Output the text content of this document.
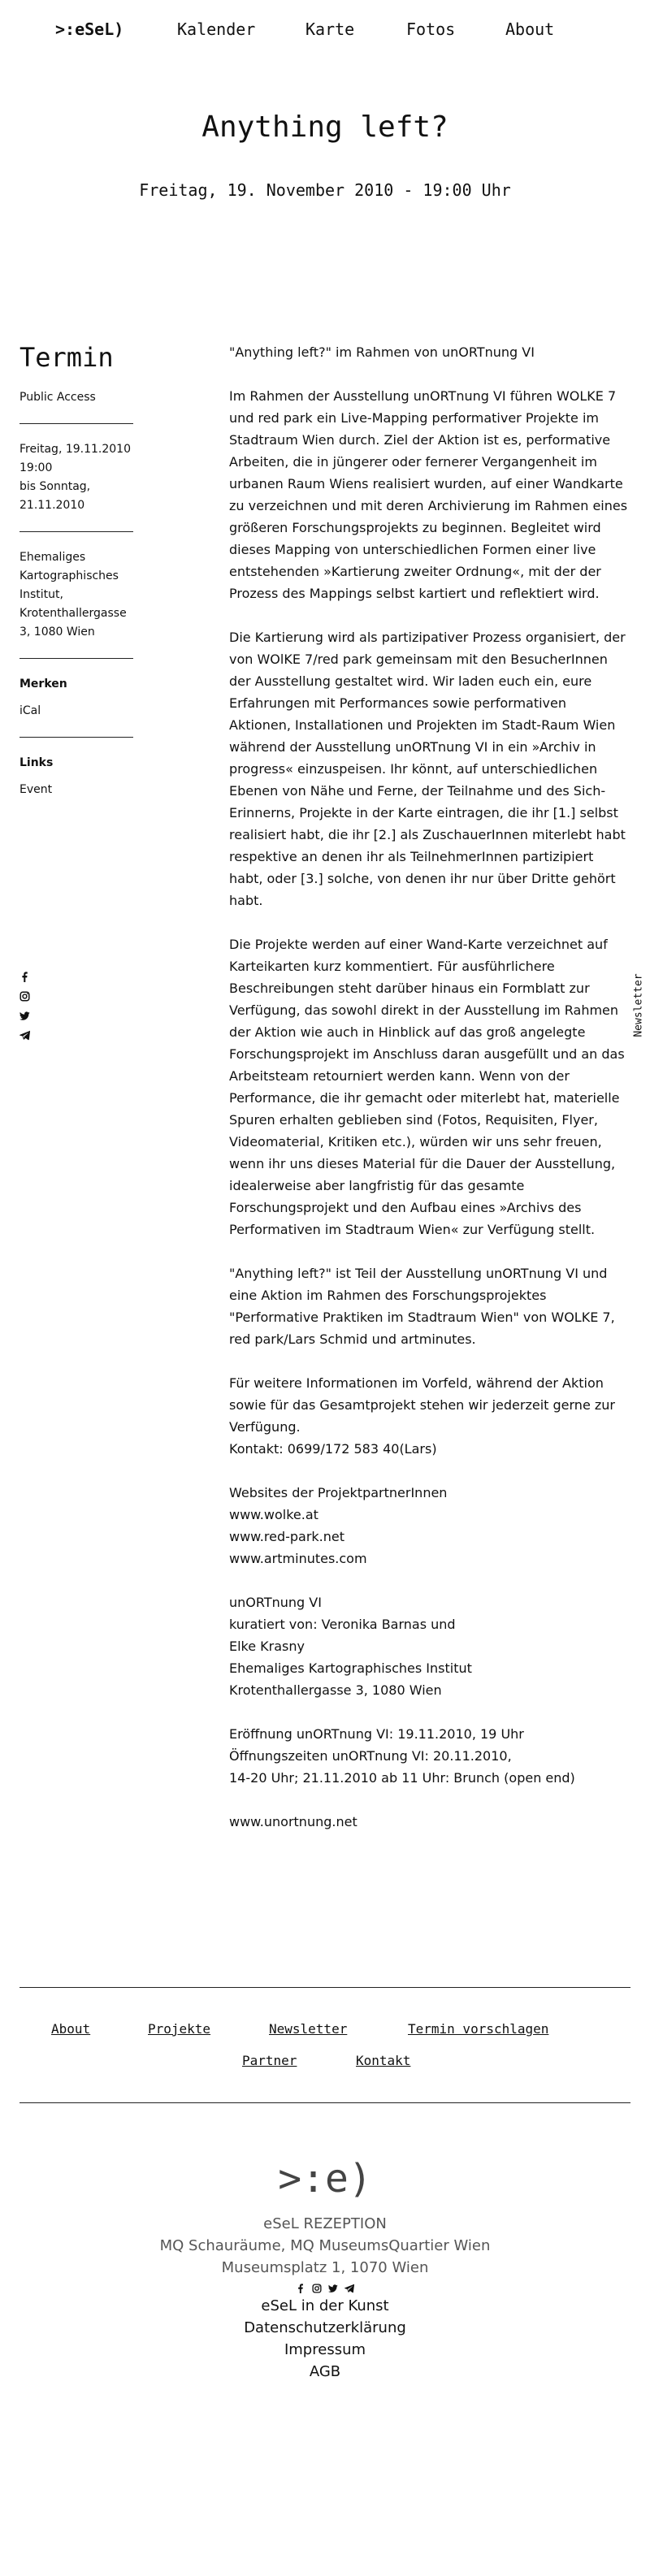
>:eSeL)	Kalender	Karte	Fotos	About
Anything left?
Freitag, 19. November 2010 - 19:00 Uhr
Termin
Public Access
Freitag, 19.11.2010
19:00
bis Sonntag,
21.11.2010
Ehemaliges
Kartographisches
Institut,
Krotenthallergasse
3, 1080 Wien
Merken
iCal
Links
Event
Newsletter

"Anything left?" im Rahmen von unORTnung VI

Im Rahmen der Ausstellung unORTnung VI führen WOLKE 7 und red park ein Live-Mapping performativer Projekte im Stadtraum Wien durch. Ziel der Aktion ist es, performative Arbeiten, die in jüngerer oder fernerer Vergangenheit im urbanen Raum Wiens realisiert wurden, auf einer Wandkarte zu verzeichnen und mit deren Archivierung im Rahmen eines größeren Forschungsprojekts zu beginnen. Begleitet wird dieses Mapping von unterschiedlichen Formen einer live entstehenden »Kartierung zweiter Ordnung«, mit der der Prozess des Mappings selbst kartiert und reflektiert wird.

Die Kartierung wird als partizipativer Prozess organisiert, der von WOlKE 7/red park gemeinsam mit den BesucherInnen der Ausstellung gestaltet wird. Wir laden euch ein, eure Erfahrungen mit Performances sowie performativen Aktionen, Installationen und Projekten im Stadt-Raum Wien während der Ausstellung unORTnung VI in ein »Archiv in progress« einzuspeisen. Ihr könnt, auf unterschiedlichen Ebenen von Nähe und Ferne, der Teilnahme und des Sich-Erinnerns, Projekte in der Karte eintragen, die ihr [1.] selbst realisiert habt, die ihr [2.] als ZuschauerInnen miterlebt habt respektive an denen ihr als TeilnehmerInnen partizipiert habt, oder [3.] solche, von denen ihr nur über Dritte gehört habt.

Die Projekte werden auf einer Wand-Karte verzeichnet auf Karteikarten kurz kommentiert. Für ausführlichere Beschreibungen steht darüber hinaus ein Formblatt zur Verfügung, das sowohl direkt in der Ausstellung im Rahmen der Aktion wie auch in Hinblick auf das groß angelegte Forschungsprojekt im Anschluss daran ausgefüllt und an das Arbeitsteam retourniert werden kann. Wenn von der Performance, die ihr gemacht oder miterlebt hat, materielle Spuren erhalten geblieben sind (Fotos, Requisiten, Flyer, Videomaterial, Kritiken etc.), würden wir uns sehr freuen, wenn ihr uns dieses Material für die Dauer der Ausstellung, idealerweise aber langfristig für das gesamte Forschungsprojekt und den Aufbau eines »Archivs des Performativen im Stadtraum Wien« zur Verfügung stellt.

"Anything left?" ist Teil der Ausstellung unORTnung VI und eine Aktion im Rahmen des Forschungsprojektes "Performative Praktiken im Stadtraum Wien" von WOLKE 7, red park/Lars Schmid und artminutes.

Für weitere Informationen im Vorfeld, während der Aktion sowie für das Gesamtprojekt stehen wir jederzeit gerne zur Verfügung.
Kontakt: 0699/172 583 40(Lars)

Websites der ProjektpartnerInnen
www.wolke.at
www.red-park.net
www.artminutes.com

unORTnung VI
kuratiert von: Veronika Barnas und
Elke Krasny
Ehemaliges Kartographisches Institut
Krotenthallergasse 3, 1080 Wien

Eröffnung unORTnung VI: 19.11.2010, 19 Uhr
Öffnungszeiten unORTnung VI: 20.11.2010,
14-20 Uhr; 21.11.2010 ab 11 Uhr: Brunch (open end)

www.unortnung.net

About	Projekte	Newsletter	Termin vorschlagen
Partner	Kontakt
>:e)
eSeL REZEPTION
MQ Schauräume, MQ MuseumsQuartier Wien
Museumsplatz 1, 1070 Wien
eSeL in der Kunst
Datenschutzerklärung
Impressum
AGB
